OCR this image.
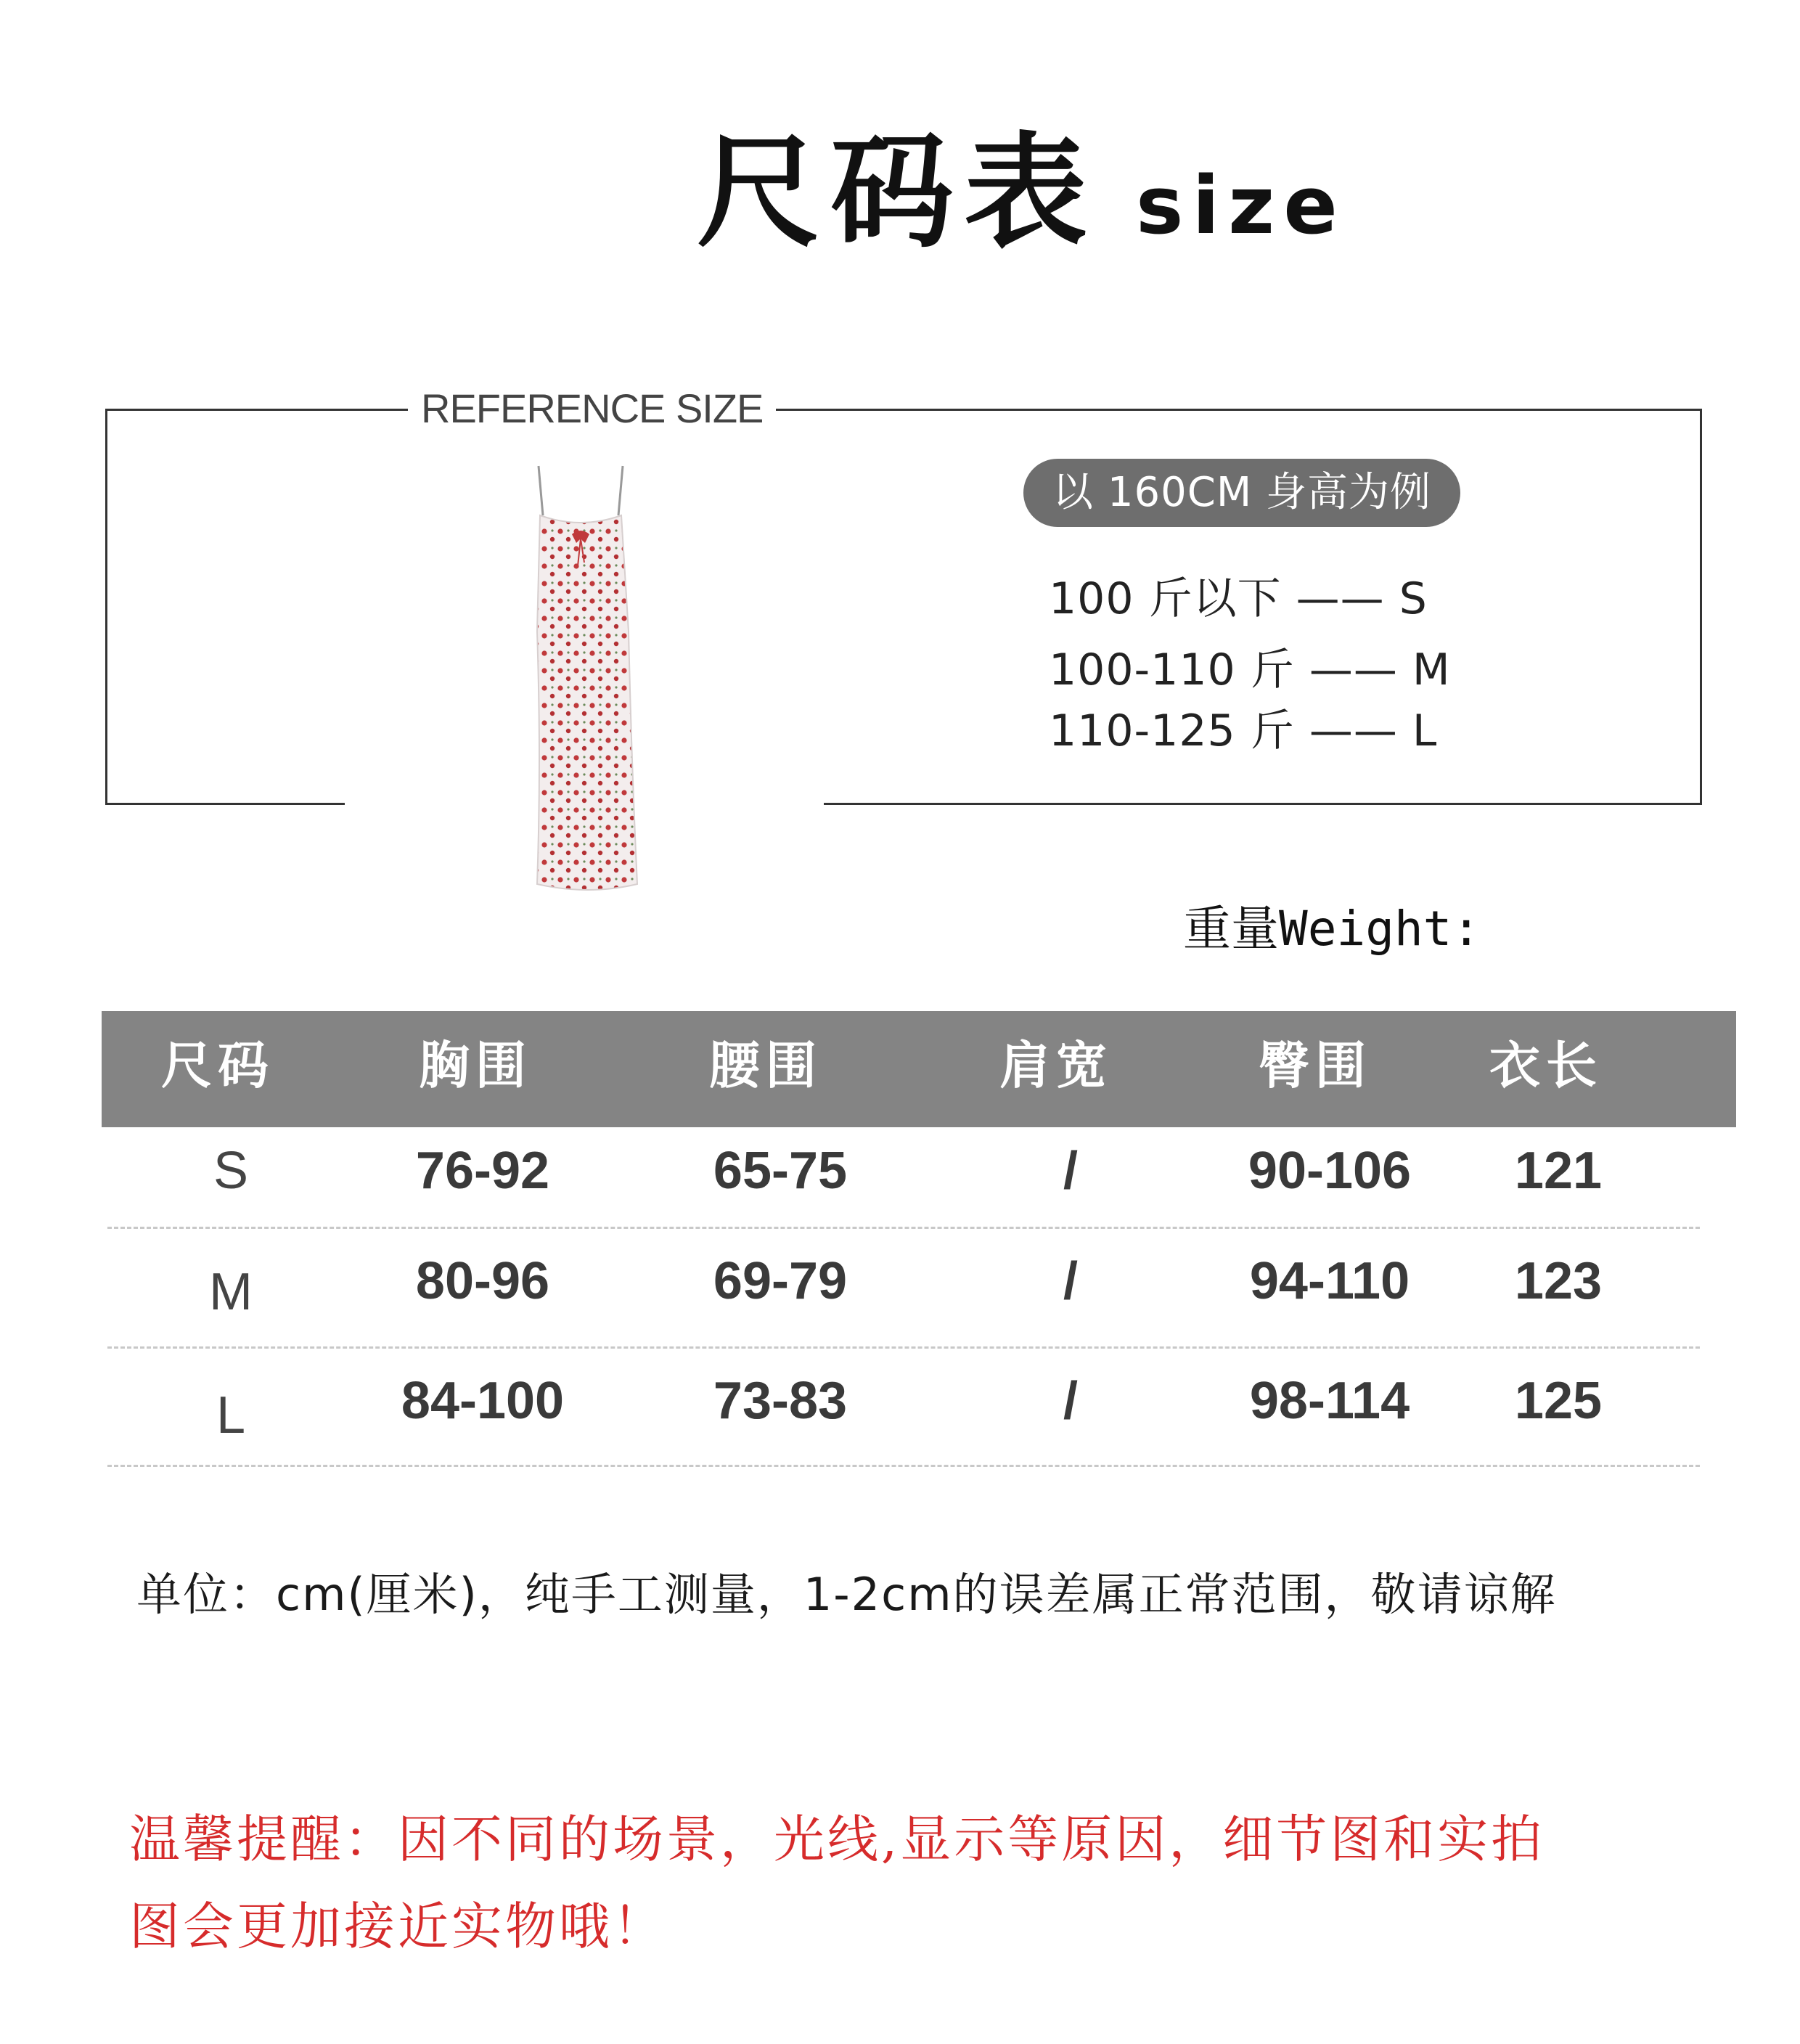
尺码表 size
REFERENCE SIZE
以 160CM 身高为例
100 斤以下 —— S
100-110 斤 —— M
110-125 斤 —— L
重量Weight:
尺码	胸围	腰围	肩宽	臀围 衣长
S	76-92	65-75	/	90-106 121
M	80-96	69-79	/	94-110 123
L	84-100	73-83	/	98-114 125
单位：cm(厘米)，纯手工测量，1-2cm的误差属正常范围，敬请谅解
温馨提醒：因不同的场景，光线,显示等原因，细节图和实拍
图会更加接近实物哦！
